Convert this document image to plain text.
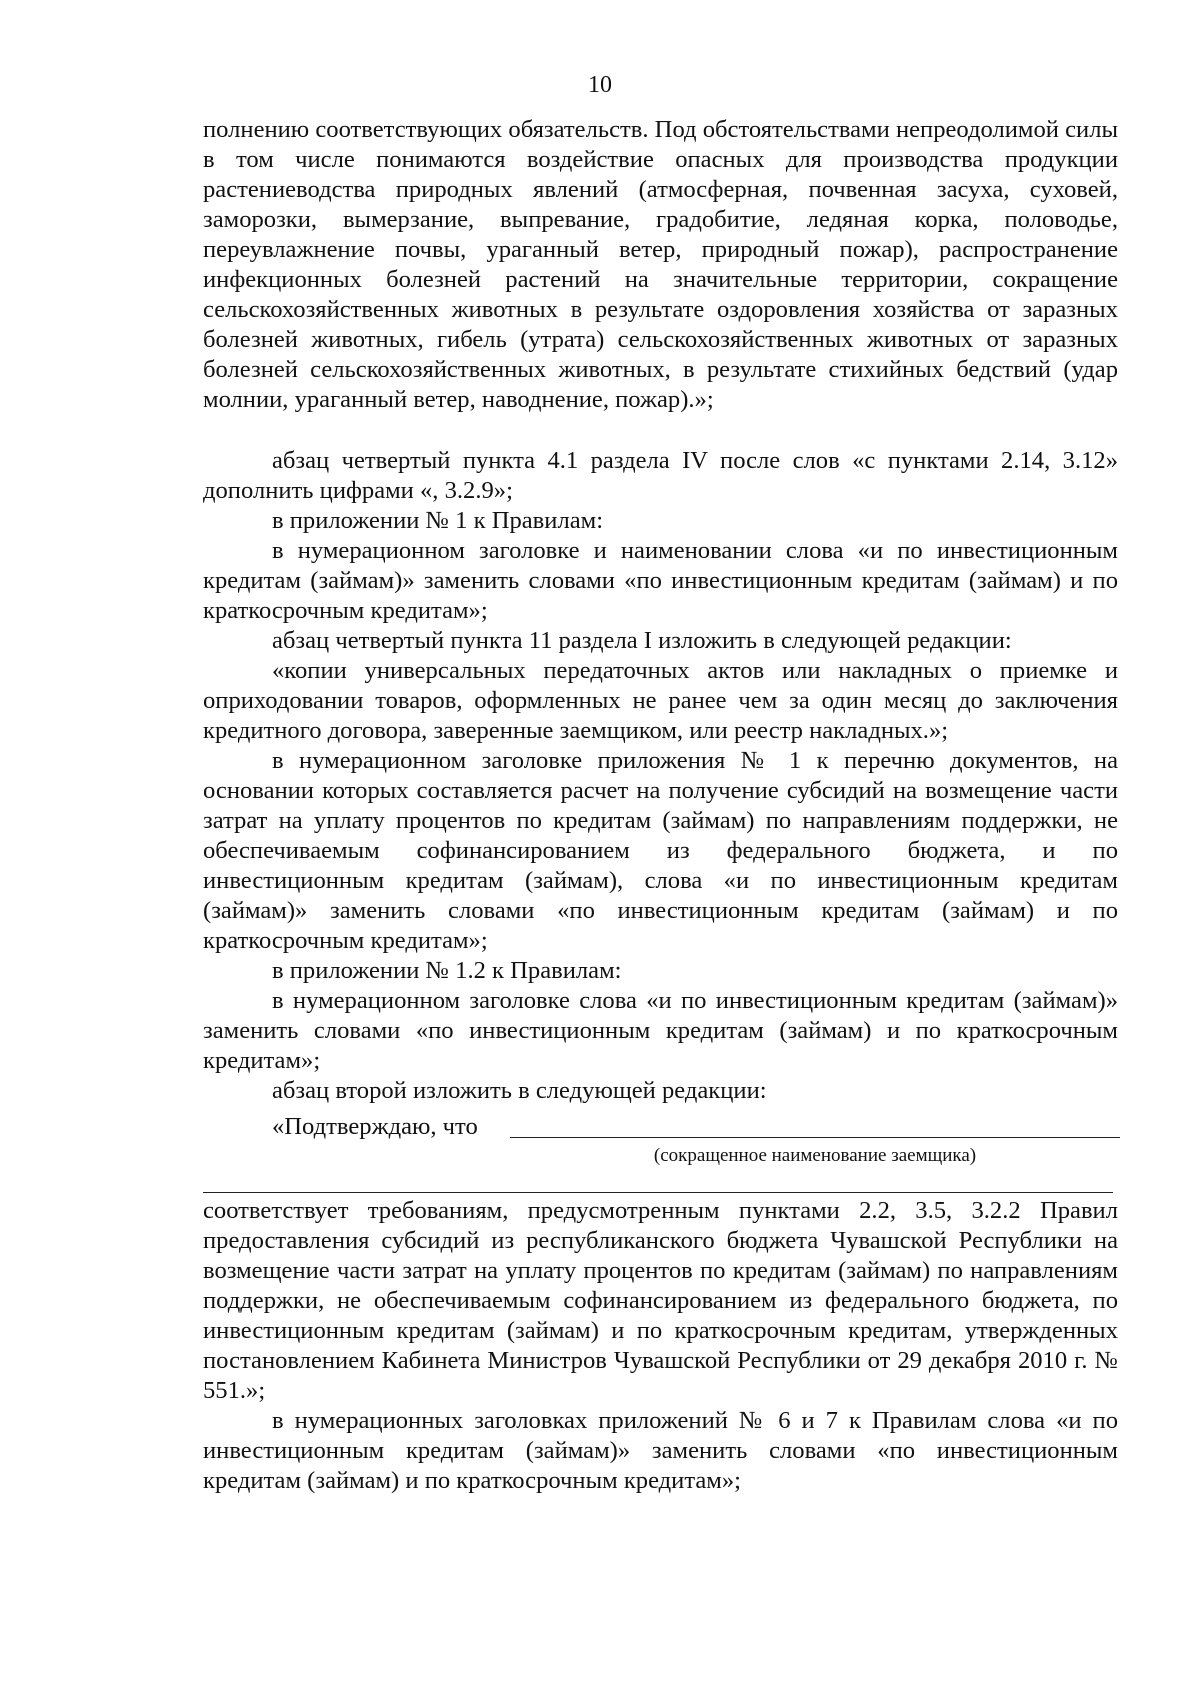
10

полнению соответствующих обязательств. Под обстоятельствами непреодолимой силы в том числе понимаются воздействие опасных для производства продукции растениеводства природных явлений (атмосферная, почвенная засуха, суховей, заморозки, вымерзание, выпревание, градобитие, ледяная корка, половодье, переувлажнение почвы, ураганный ветер, природный пожар), распространение инфекционных болезней растений на значительные территории, сокращение сельскохозяйственных животных в результате оздоровления хозяйства от заразных болезней животных, гибель (утрата) сельскохозяйственных животных от заразных болезней сельскохозяйственных животных, в результате стихийных бедствий (удар молнии, ураганный ветер, наводнение, пожар).»;

абзац четвертый пункта 4.1 раздела IV после слов «с пунктами 2.14, 3.12» дополнить цифрами «, 3.2.9»;

в приложении № 1 к Правилам:

в нумерационном заголовке и наименовании слова «и по инвестиционным кредитам (займам)» заменить словами «по инвестиционным кредитам (займам) и по краткосрочным кредитам»;

абзац четвертый пункта 11 раздела I изложить в следующей редакции:

«копии универсальных передаточных актов или накладных о приемке и оприходовании товаров, оформленных не ранее чем за один месяц до заключения кредитного договора, заверенные заемщиком, или реестр накладных.»;

в нумерационном заголовке приложения № 1 к перечню документов, на основании которых составляется расчет на получение субсидий на возмещение части затрат на уплату процентов по кредитам (займам) по направлениям поддержки, не обеспечиваемым софинансированием из федерального бюджета, и по инвестиционным кредитам (займам), слова «и по инвестиционным кредитам (займам)» заменить словами «по инвестиционным кредитам (займам) и по краткосрочным кредитам»;

в приложении № 1.2 к Правилам:

в нумерационном заголовке слова «и по инвестиционным кредитам (займам)» заменить словами «по инвестиционным кредитам (займам) и по краткосрочным кредитам»;

абзац второй изложить в следующей редакции:

«Подтверждаю, что
(сокращенное наименование заемщика)

соответствует требованиям, предусмотренным пунктами 2.2, 3.5, 3.2.2 Правил предоставления субсидий из республиканского бюджета Чувашской Республики на возмещение части затрат на уплату процентов по кредитам (займам) по направлениям поддержки, не обеспечиваемым софинансированием из федерального бюджета, по инвестиционным кредитам (займам) и по краткосрочным кредитам, утвержденных постановлением Кабинета Министров Чувашской Республики от 29 декабря 2010 г. № 551.»;

в нумерационных заголовках приложений № 6 и 7 к Правилам слова «и по инвестиционным кредитам (займам)» заменить словами «по инвестиционным кредитам (займам) и по краткосрочным кредитам»;
